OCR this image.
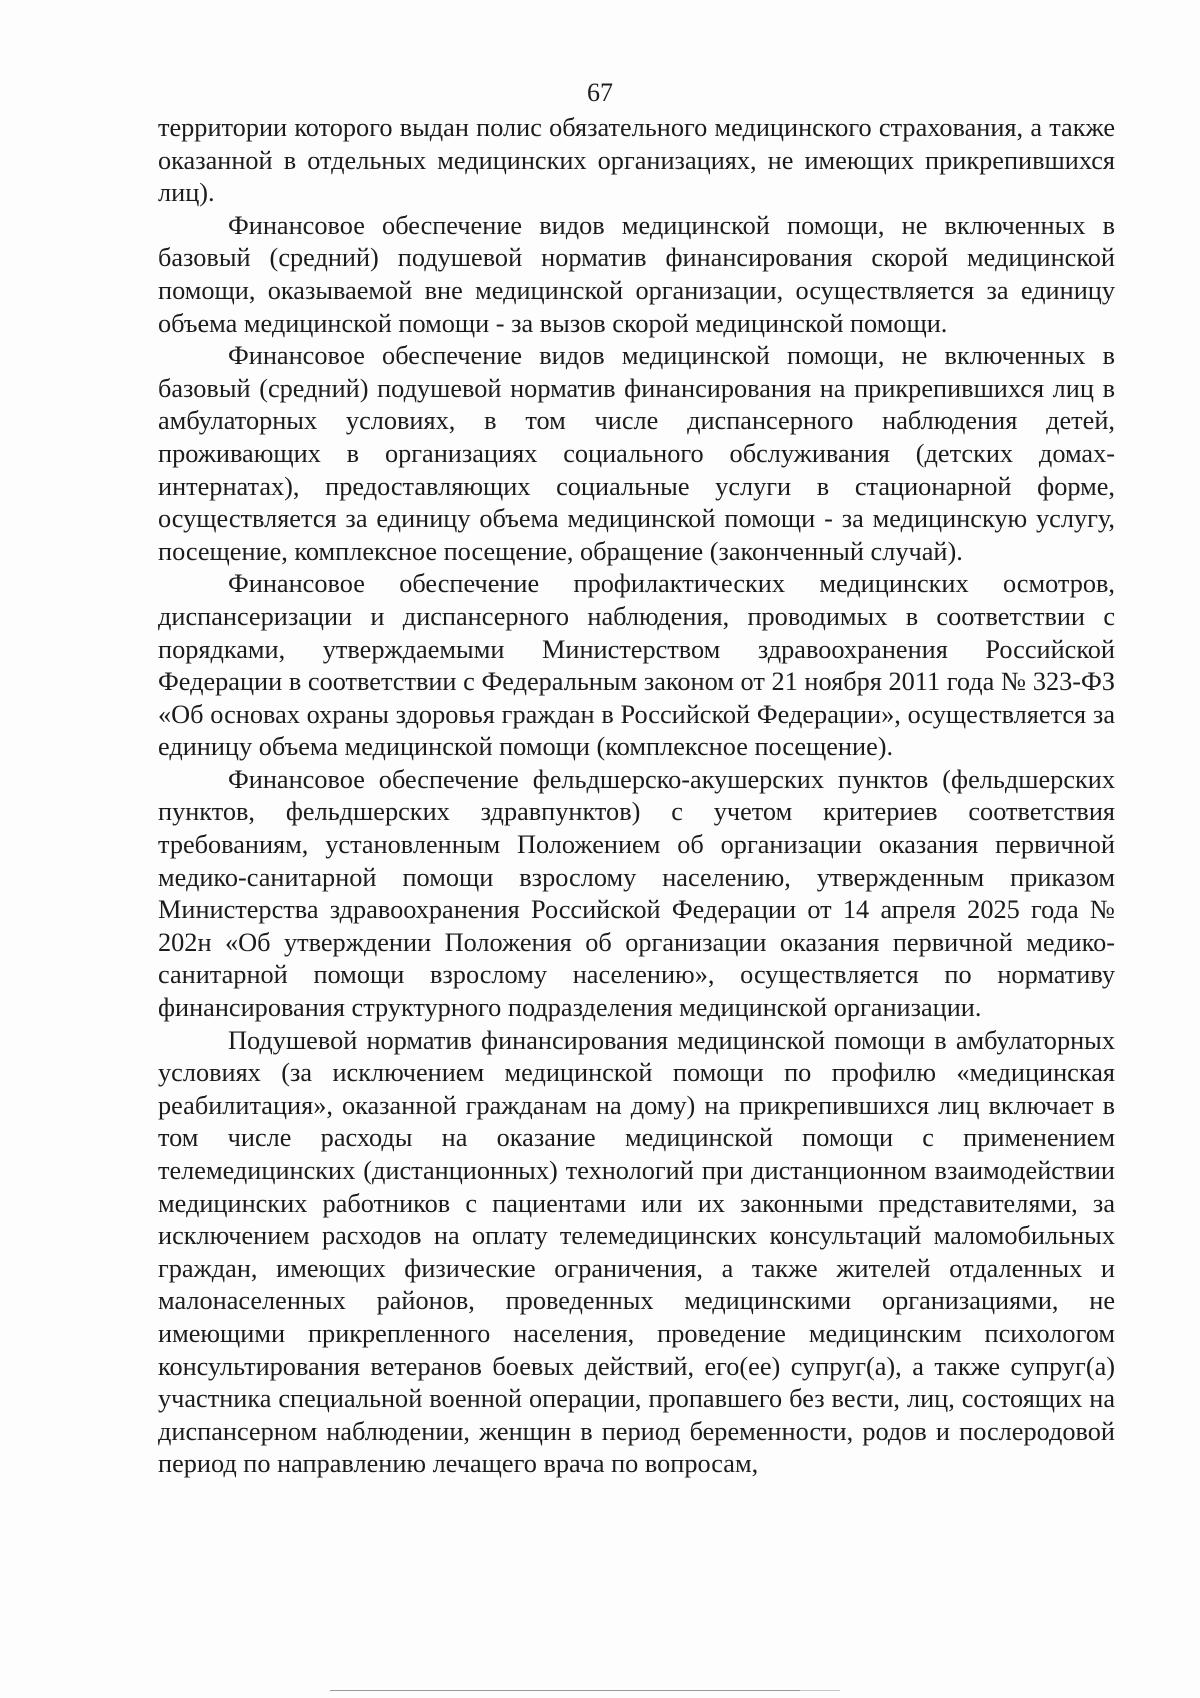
67

территории которого выдан полис обязательного медицинского страхования, а также оказанной в отдельных медицинских организациях, не имеющих прикрепившихся лиц).

Финансовое обеспечение видов медицинской помощи, не включенных в базовый (средний) подушевой норматив финансирования скорой медицинской помощи, оказываемой вне медицинской организации, осуществляется за единицу объема медицинской помощи - за вызов скорой медицинской помощи.

Финансовое обеспечение видов медицинской помощи, не включенных в базовый (средний) подушевой норматив финансирования на прикрепившихся лиц в амбулаторных условиях, в том числе диспансерного наблюдения детей, проживающих в организациях социального обслуживания (детских домах-интернатах), предоставляющих социальные услуги в стационарной форме, осуществляется за единицу объема медицинской помощи - за медицинскую услугу, посещение, комплексное посещение, обращение (законченный случай).

Финансовое обеспечение профилактических медицинских осмотров, диспансеризации и диспансерного наблюдения, проводимых в соответствии с порядками, утверждаемыми Министерством здравоохранения Российской Федерации в соответствии с Федеральным законом от 21 ноября 2011 года № 323-ФЗ «Об основах охраны здоровья граждан в Российской Федерации», осуществляется за единицу объема медицинской помощи (комплексное посещение).

Финансовое обеспечение фельдшерско-акушерских пунктов (фельдшерских пунктов, фельдшерских здравпунктов) с учетом критериев соответствия требованиям, установленным Положением об организации оказания первичной медико-санитарной помощи взрослому населению, утвержденным приказом Министерства здравоохранения Российской Федерации от 14 апреля 2025 года № 202н «Об утверждении Положения об организации оказания первичной медико-санитарной помощи взрослому населению», осуществляется по нормативу финансирования структурного подразделения медицинской организации.

Подушевой норматив финансирования медицинской помощи в амбулаторных условиях (за исключением медицинской помощи по профилю «медицинская реабилитация», оказанной гражданам на дому) на прикрепившихся лиц включает в том числе расходы на оказание медицинской помощи с применением телемедицинских (дистанционных) технологий при дистанционном взаимодействии медицинских работников с пациентами или их законными представителями, за исключением расходов на оплату телемедицинских консультаций маломобильных граждан, имеющих физические ограничения, а также жителей отдаленных и малонаселенных районов, проведенных медицинскими организациями, не имеющими прикрепленного населения, проведение медицинским психологом консультирования ветеранов боевых действий, его(ее) супруг(а), а также супруг(а) участника специальной военной операции, пропавшего без вести, лиц, состоящих на диспансерном наблюдении, женщин в период беременности, родов и послеродовой период по направлению лечащего врача по вопросам,
